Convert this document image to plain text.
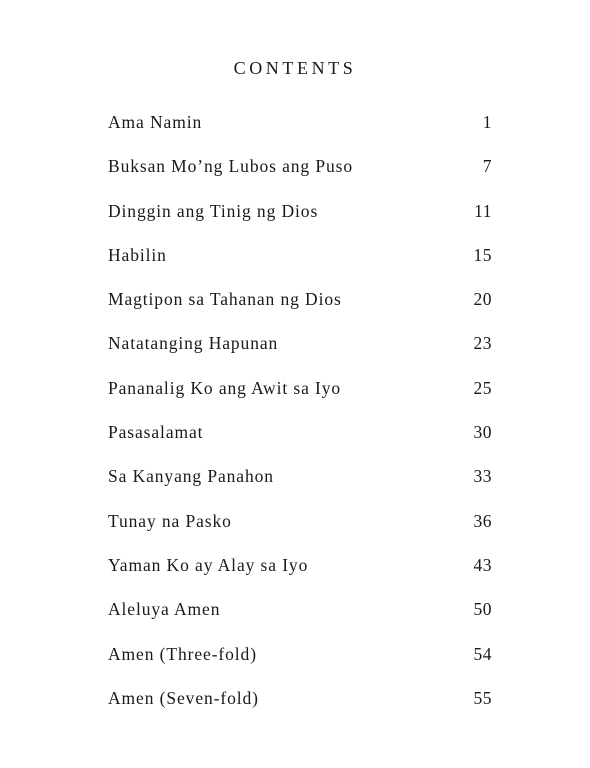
CONTENTS
Ama Namin	1
Buksan Mo’ng Lubos ang Puso	7
Dinggin ang Tinig ng Dios	11
Habilin	15
Magtipon sa Tahanan ng Dios	20
Natatanging Hapunan	23
Pananalig Ko ang Awit sa Iyo	25
Pasasalamat	30
Sa Kanyang Panahon	33
Tunay na Pasko	36
Yaman Ko ay Alay sa Iyo	43
Aleluya Amen	50
Amen (Three-fold)	54
Amen (Seven-fold)	55
